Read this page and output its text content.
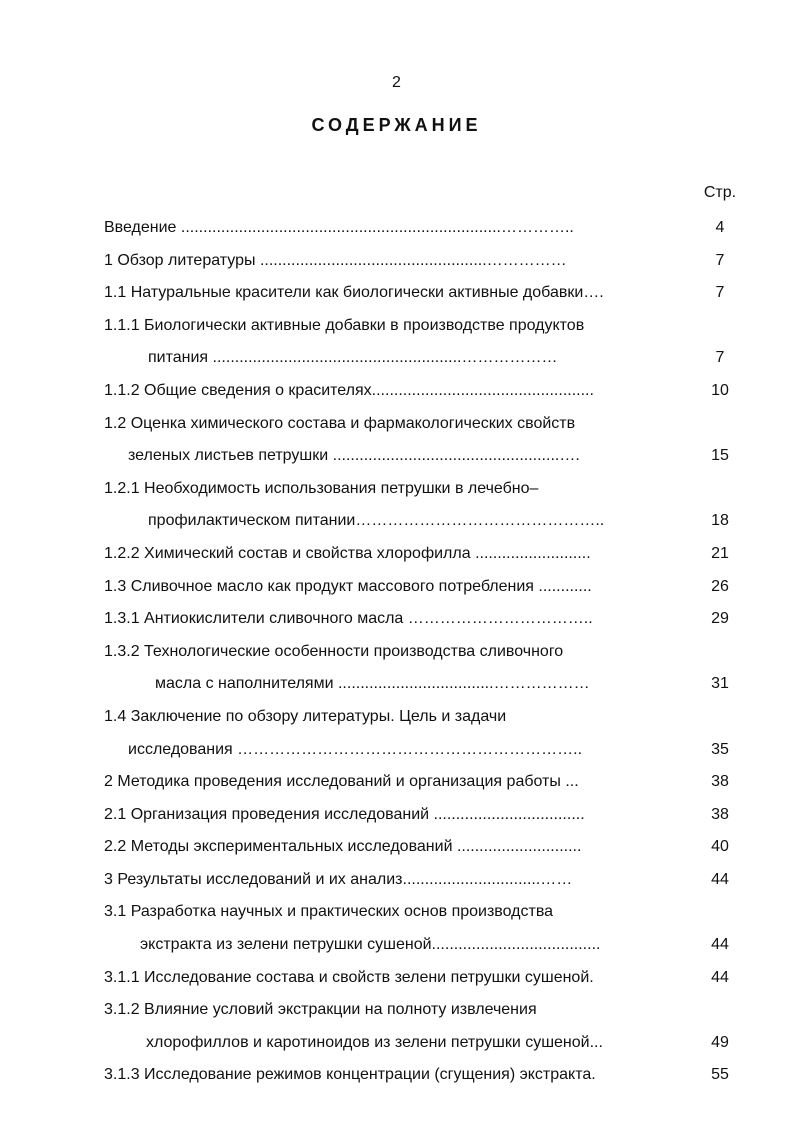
2
СОДЕРЖАНИЕ
Стр.
Введение ........................................................................…………..	4
1 Обзор литературы ...................................................……………	7
1.1 Натуральные красители как биологически активные добавки….	7
1.1.1 Биологически активные добавки в производстве продуктов
питания ........................................................………………	7
1.1.2 Общие сведения о красителях..................................................	10
1.2 Оценка химического состава и фармакологических свойств
зеленых листьев петрушки ...................................................….	15
1.2.1 Необходимость использования петрушки в лечебно–
профилактическом питании………………………………………..	18
1.2.2 Химический состав и свойства хлорофилла ..........................	21
1.3 Сливочное масло как продукт массового потребления ............	26
1.3.1 Антиокислители сливочного масла ……………………………..	29
1.3.2 Технологические особенности производства сливочного
масла с наполнителями ...................................………………	31
1.4 Заключение по обзору литературы. Цель и задачи
исследования ………………………………………………………..	35
2 Методика проведения исследований и организация работы ...	38
2.1 Организация проведения исследований ..................................	38
2.2 Методы экспериментальных исследований ............................	40
3 Результаты исследований и их анализ...............................……	44
3.1 Разработка научных и практических основ производства
экстракта из зелени петрушки сушеной......................................	44
3.1.1 Исследование состава и свойств зелени петрушки сушеной.	44
3.1.2 Влияние условий экстракции на полноту извлечения
хлорофиллов и каротиноидов из зелени петрушки сушеной...	49
3.1.3 Исследование режимов концентрации (сгущения) экстракта.	55
